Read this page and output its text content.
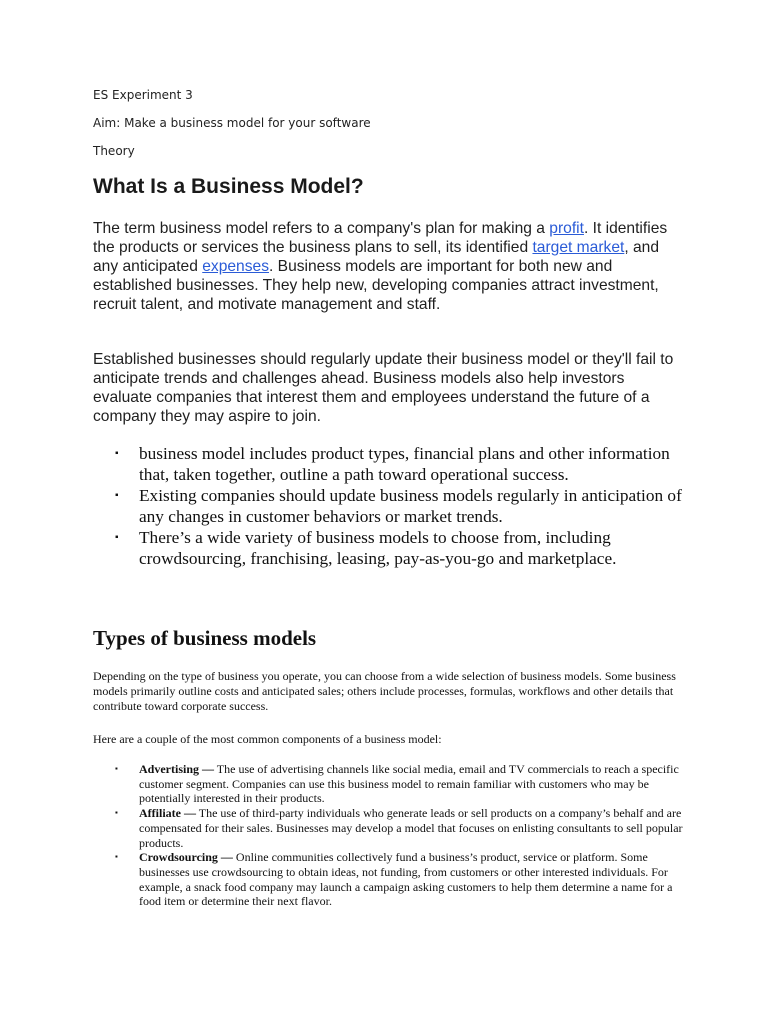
ES Experiment 3
Aim: Make a business model for your software
Theory
What Is a Business Model?

The term business model refers to a company's plan for making a profit. It identifies the products or services the business plans to sell, its identified target market, and any anticipated expenses. Business models are important for both new and established businesses. They help new, developing companies attract investment, recruit talent, and motivate management and staff.

Established businesses should regularly update their business model or they'll fail to anticipate trends and challenges ahead. Business models also help investors evaluate companies that interest them and employees understand the future of a company they may aspire to join.

▪ business model includes product types, financial plans and other information that, taken together, outline a path toward operational success.
▪ Existing companies should update business models regularly in anticipation of any changes in customer behaviors or market trends.
▪ There’s a wide variety of business models to choose from, including crowdsourcing, franchising, leasing, pay-as-you-go and marketplace.
Types of business models

Depending on the type of business you operate, you can choose from a wide selection of business models. Some business models primarily outline costs and anticipated sales; others include processes, formulas, workflows and other details that contribute toward corporate success.

Here are a couple of the most common components of a business model:

▪ Advertising — The use of advertising channels like social media, email and TV commercials to reach a specific customer segment. Companies can use this business model to remain familiar with customers who may be potentially interested in their products.
▪ Affiliate — The use of third-party individuals who generate leads or sell products on a company’s behalf and are compensated for their sales. Businesses may develop a model that focuses on enlisting consultants to sell popular products.
▪ Crowdsourcing — Online communities collectively fund a business’s product, service or platform. Some businesses use crowdsourcing to obtain ideas, not funding, from customers or other interested individuals. For example, a snack food company may launch a campaign asking customers to help them determine a name for a food item or determine their next flavor.
